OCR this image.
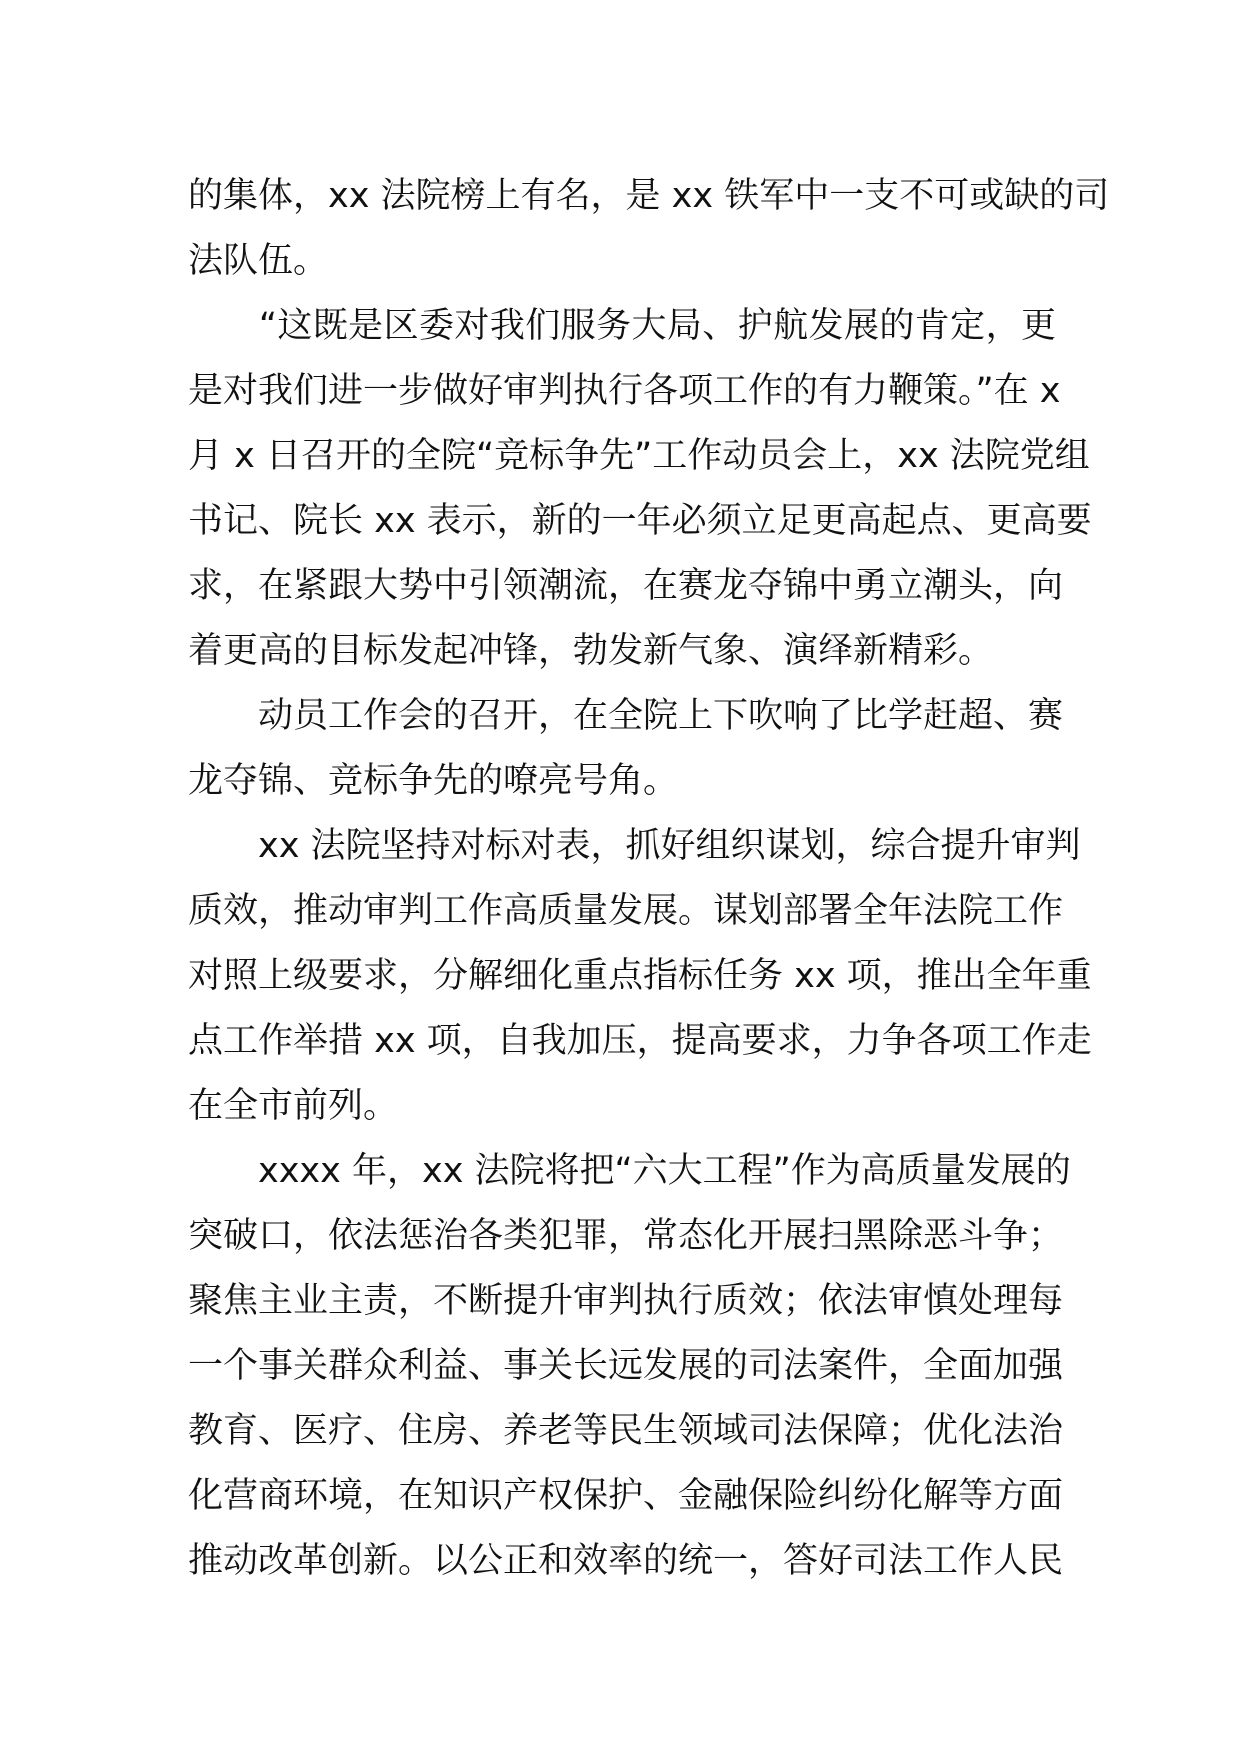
的集体，xx 法院榜上有名，是 xx 铁军中一支不可或缺的司
法队伍。
　　“这既是区委对我们服务大局、护航发展的肯定，更
是对我们进一步做好审判执行各项工作的有力鞭策。”在 x
月 x 日召开的全院“竞标争先”工作动员会上，xx 法院党组
书记、院长 xx 表示，新的一年必须立足更高起点、更高要
求，在紧跟大势中引领潮流，在赛龙夺锦中勇立潮头，向
着更高的目标发起冲锋，勃发新气象、演绎新精彩。
　　动员工作会的召开，在全院上下吹响了比学赶超、赛
龙夺锦、竞标争先的嘹亮号角。
　　xx 法院坚持对标对表，抓好组织谋划，综合提升审判
质效，推动审判工作高质量发展。谋划部署全年法院工作
对照上级要求，分解细化重点指标任务 xx 项，推出全年重
点工作举措 xx 项，自我加压，提高要求，力争各项工作走
在全市前列。
　　xxxx 年，xx 法院将把“六大工程”作为高质量发展的
突破口，依法惩治各类犯罪，常态化开展扫黑除恶斗争；
聚焦主业主责，不断提升审判执行质效；依法审慎处理每
一个事关群众利益、事关长远发展的司法案件，全面加强
教育、医疗、住房、养老等民生领域司法保障；优化法治
化营商环境，在知识产权保护、金融保险纠纷化解等方面
推动改革创新。以公正和效率的统一，答好司法工作人民
